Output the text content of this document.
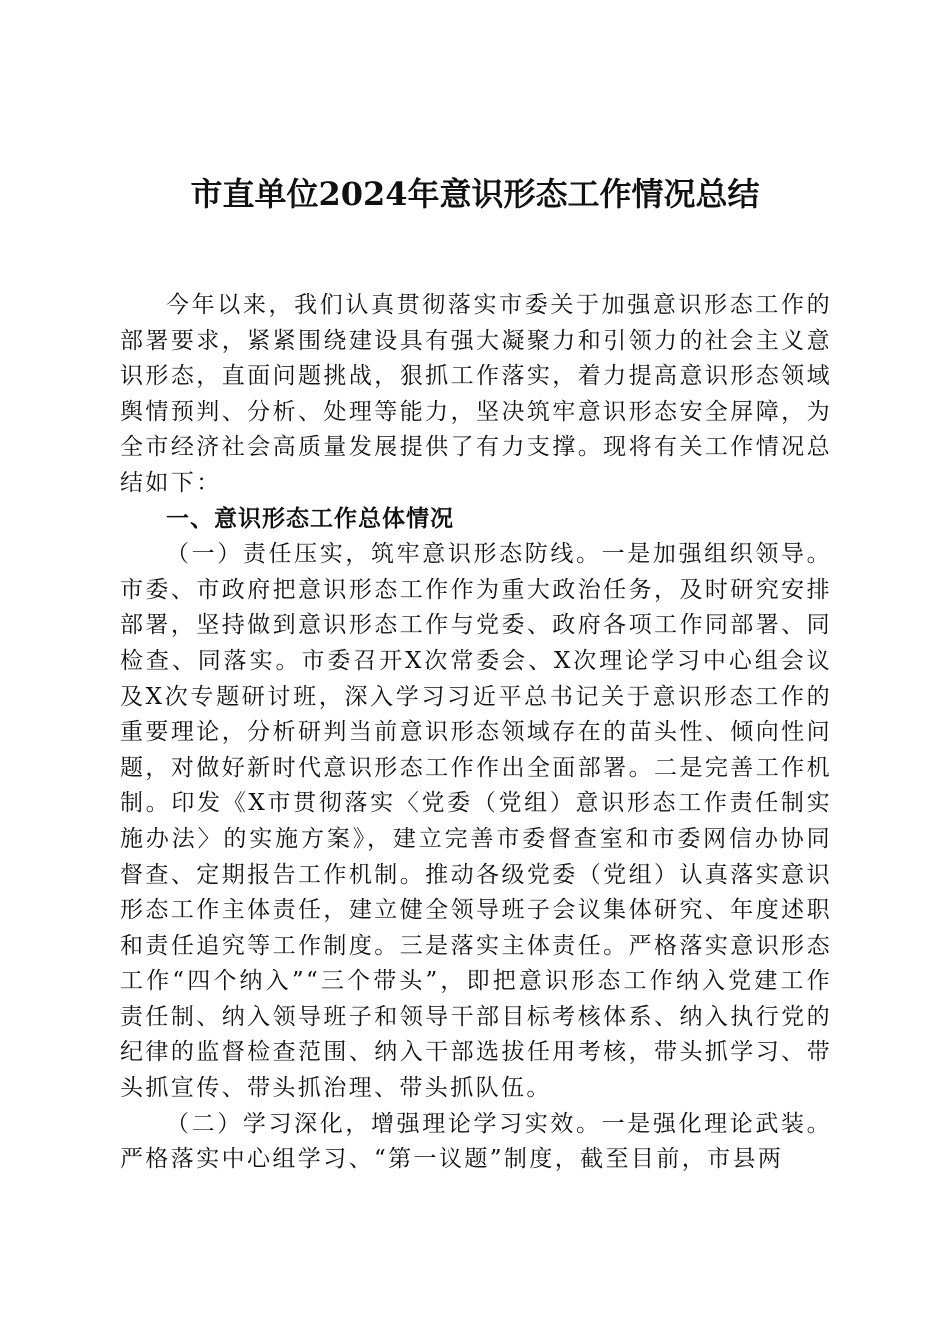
市直单位2024年意识形态工作情况总结

今年以来，我们认真贯彻落实市委关于加强意识形态工作的部署要求，紧紧围绕建设具有强大凝聚力和引领力的社会主义意识形态，直面问题挑战，狠抓工作落实，着力提高意识形态领域舆情预判、分析、处理等能力，坚决筑牢意识形态安全屏障，为全市经济社会高质量发展提供了有力支撑。现将有关工作情况总结如下：

一、意识形态工作总体情况

（一）责任压实，筑牢意识形态防线。一是加强组织领导。市委、市政府把意识形态工作作为重大政治任务，及时研究安排部署，坚持做到意识形态工作与党委、政府各项工作同部署、同检查、同落实。市委召开X次常委会、X次理论学习中心组会议及X次专题研讨班，深入学习习近平总书记关于意识形态工作的重要理论，分析研判当前意识形态领域存在的苗头性、倾向性问题，对做好新时代意识形态工作作出全面部署。二是完善工作机制。印发《X市贯彻落实〈党委（党组）意识形态工作责任制实施办法〉的实施方案》，建立完善市委督查室和市委网信办协同督查、定期报告工作机制。推动各级党委（党组）认真落实意识形态工作主体责任，建立健全领导班子会议集体研究、年度述职和责任追究等工作制度。三是落实主体责任。严格落实意识形态工作“四个纳入”“三个带头”，即把意识形态工作纳入党建工作责任制、纳入领导班子和领导干部目标考核体系、纳入执行党的纪律的监督检查范围、纳入干部选拔任用考核，带头抓学习、带头抓宣传、带头抓治理、带头抓队伍。

（二）学习深化，增强理论学习实效。一是强化理论武装。严格落实中心组学习、“第一议题”制度，截至目前，市县两
